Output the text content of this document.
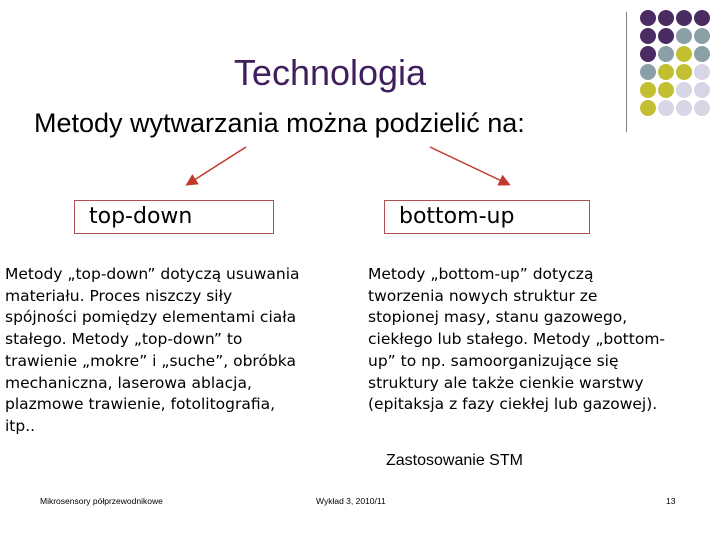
Technologia
Metody wytwarzania można podzielić na:
top-down	bottom-up
Metody „top-down” dotyczą usuwania
materiału. Proces niszczy siły
spójności pomiędzy elementami ciała
stałego. Metody „top-down” to
trawienie „mokre” i „suche”, obróbka
mechaniczna, laserowa ablacja,
plazmowe trawienie, fotolitografia,
itp..
Metody „bottom-up” dotyczą
tworzenia nowych struktur ze
stopionej masy, stanu gazowego,
ciekłego lub stałego. Metody „bottom-
up” to np. samoorganizujące się
struktury ale także cienkie warstwy
(epitaksja z fazy ciekłej lub gazowej).
Zastosowanie STM
Mikrosensory półprzewodnikowe	Wykład 3, 2010/11	13
